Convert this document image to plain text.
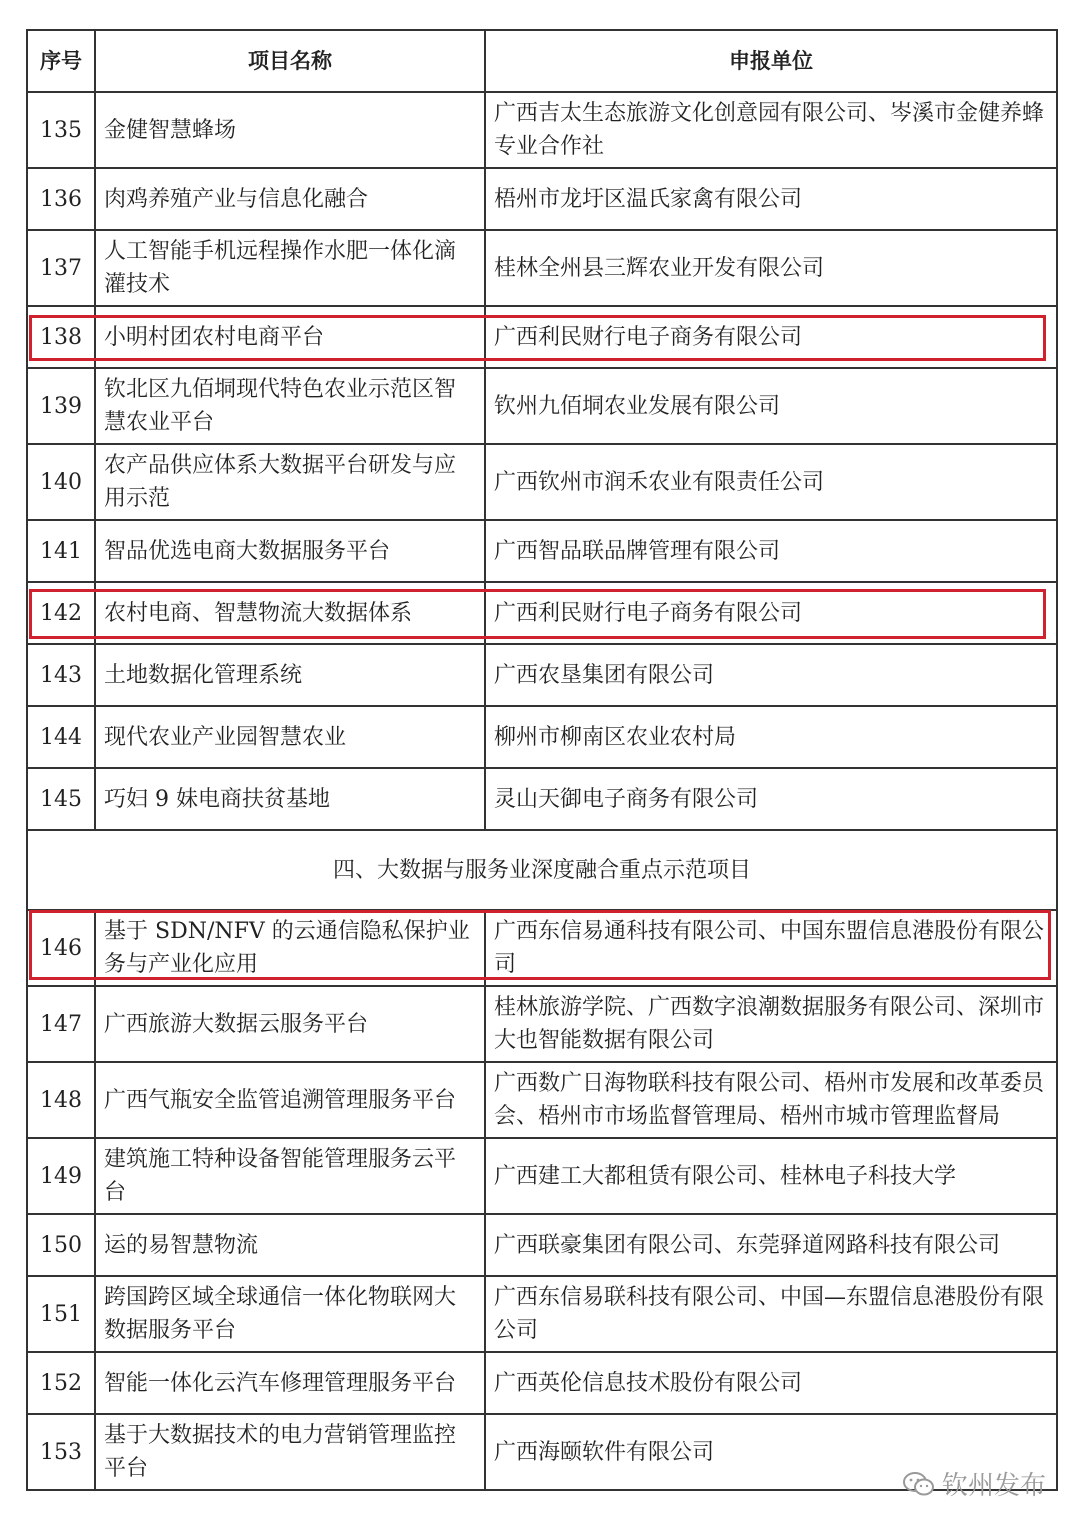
序号	项目名称	申报单位
135	金健智慧蜂场	广西吉太生态旅游文化创意园有限公司、岑溪市金健养蜂专业合作社
136	肉鸡养殖产业与信息化融合	梧州市龙圩区温氏家禽有限公司
137	人工智能手机远程操作水肥一体化滴灌技术	桂林全州县三辉农业开发有限公司
138	小明村团农村电商平台	广西利民财行电子商务有限公司
139	钦北区九佰垌现代特色农业示范区智慧农业平台	钦州九佰垌农业发展有限公司
140	农产品供应体系大数据平台研发与应用示范	广西钦州市润禾农业有限责任公司
141	智品优选电商大数据服务平台	广西智品联品牌管理有限公司
142	农村电商、智慧物流大数据体系	广西利民财行电子商务有限公司
143	土地数据化管理系统	广西农垦集团有限公司
144	现代农业产业园智慧农业	柳州市柳南区农业农村局
145	巧妇 9 妹电商扶贫基地	灵山天御电子商务有限公司
四、大数据与服务业深度融合重点示范项目		
146	基于 SDN/NFV 的云通信隐私保护业务与产业化应用	广西东信易通科技有限公司、中国东盟信息港股份有限公司
147	广西旅游大数据云服务平台	桂林旅游学院、广西数字浪潮数据服务有限公司、深圳市大也智能数据有限公司
148	广西气瓶安全监管追溯管理服务平台	广西数广日海物联科技有限公司、梧州市发展和改革委员会、梧州市市场监督管理局、梧州市城市管理监督局
149	建筑施工特种设备智能管理服务云平台	广西建工大都租赁有限公司、桂林电子科技大学
150	运的易智慧物流	广西联豪集团有限公司、东莞驿道网路科技有限公司
151	跨国跨区域全球通信一体化物联网大数据服务平台	广西东信易联科技有限公司、中国—东盟信息港股份有限公司
152	智能一体化云汽车修理管理服务平台	广西英伦信息技术股份有限公司
153	基于大数据技术的电力营销管理监控平台	广西海颐软件有限公司
钦州发布
